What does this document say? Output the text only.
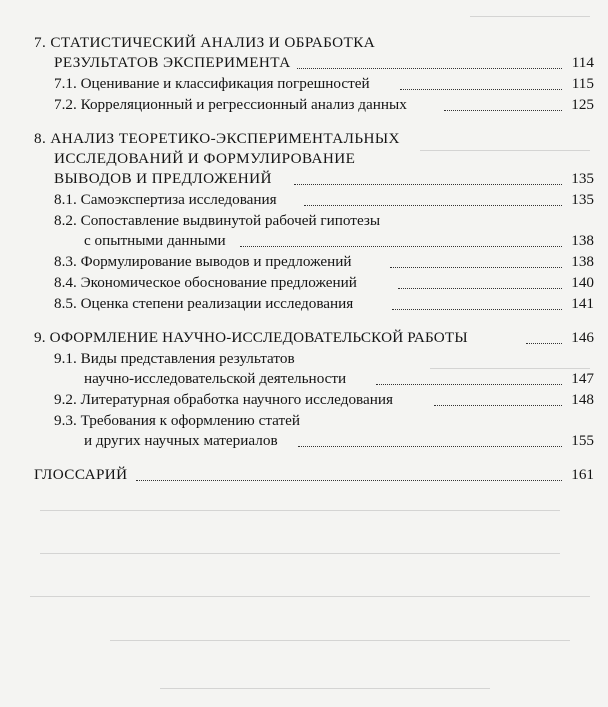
7. СТАТИСТИЧЕСКИЙ АНАЛИЗ И ОБРАБОТКА
РЕЗУЛЬТАТОВ ЭКСПЕРИМЕНТА	114
7.1. Оценивание и классификация погрешностей	115
7.2. Корреляционный и регрессионный анализ данных	125
8. АНАЛИЗ ТЕОРЕТИКО-ЭКСПЕРИМЕНТАЛЬНЫХ
ИССЛЕДОВАНИЙ И ФОРМУЛИРОВАНИЕ
ВЫВОДОВ И ПРЕДЛОЖЕНИЙ	135
8.1. Самоэкспертиза исследования	135
8.2. Сопоставление выдвинутой рабочей гипотезы
с опытными данными	138
8.3. Формулирование выводов и предложений	138
8.4. Экономическое обоснование предложений	140
8.5. Оценка степени реализации исследования	141
9. ОФОРМЛЕНИЕ НАУЧНО-ИССЛЕДОВАТЕЛЬСКОЙ РАБОТЫ	146
9.1. Виды представления результатов
научно-исследовательской деятельности	147
9.2. Литературная обработка научного исследования	148
9.3. Требования к оформлению статей
и других научных материалов	155
ГЛОССАРИЙ	161
